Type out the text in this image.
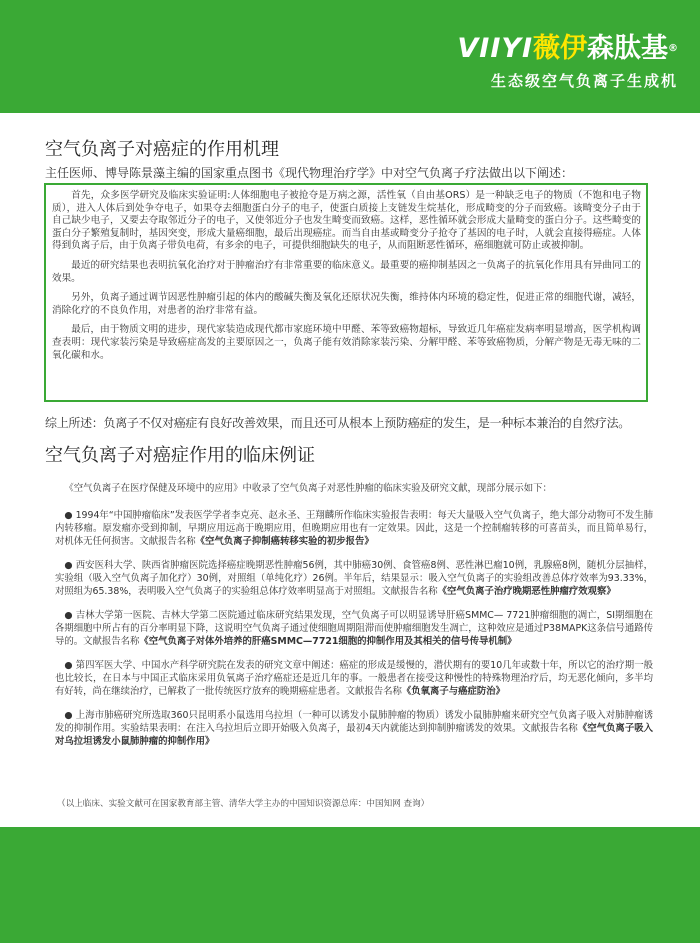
VIIYI薇伊森肽基®
生态级空气负离子生成机
空气负离子对癌症的作用机理
主任医师、博导陈景藻主编的国家重点图书《现代物理治疗学》中对空气负离子疗法做出以下阐述：

首先，众多医学研究及临床实验证明:人体细胞电子被抢夺是万病之源，活性氧（自由基ORS）是一种缺乏电子的物质（不饱和电子物质），进入人体后到处争夺电子，如果夺去细胞蛋白分子的电子，使蛋白质接上支链发生烷基化，形成畸变的分子而致癌。该畸变分子由于自己缺少电子，又要去夺取邻近分子的电子，又使邻近分子也发生畸变而致癌。这样，恶性循环就会形成大量畸变的蛋白分子。这些畸变的蛋白分子繁殖复制时，基因突变，形成大量癌细胞，最后出现癌症。而当自由基或畸变分子抢夺了基因的电子时，人就会直接得癌症。人体得到负离子后，由于负离子带负电荷，有多余的电子，可提供细胞缺失的电子，从而阻断恶性循环，癌细胞就可防止或被抑制。

最近的研究结果也表明抗氧化治疗对于肿瘤治疗有非常重要的临床意义。最重要的癌抑制基因之一负离子的抗氧化作用具有异曲同工的效果。

另外，负离子通过调节因恶性肿瘤引起的体内的酸碱失衡及氧化还原状况失衡，维持体内环境的稳定性，促进正常的细胞代谢，减轻，消除化疗的不良负作用，对患者的治疗非常有益。

最后，由于物质文明的进步，现代家装造成现代都市家庭环境中甲醛、苯等致癌物超标，导致近几年癌症发病率明显增高，医学机构调查表明：现代家装污染是导致癌症高发的主要原因之一，负离子能有效消除家装污染、分解甲醛、苯等致癌物质，分解产物是无毒无味的二氧化碳和水。

综上所述：负离子不仅对癌症有良好改善效果，而且还可从根本上预防癌症的发生，是一种标本兼治的自然疗法。
空气负离子对癌症作用的临床例证

《空气负离子在医疗保健及环境中的应用》中收录了空气负离子对恶性肿瘤的临床实验及研究文献，现部分展示如下：

● 1994年“中国肿瘤临床”发表医学学者李克亮、赵永圣、王翔麟所作临床实验报告表明：每天大量吸入空气负离子，绝大部分动物可不发生肺内转移瘤。原发瘤亦受到抑制，早期应用远高于晚期应用，但晚期应用也有一定效果。因此，这是一个控制瘤转移的可喜苗头，而且简单易行，对机体无任何损害。文献报告名称《空气负离子抑制癌转移实验的初步报告》

● 西安医科大学、陕西省肿瘤医院选择癌症晚期恶性肿瘤56例，其中肺癌30例、食管癌8例、恶性淋巴瘤10例，乳腺癌8例，随机分层抽样，实验组（吸入空气负离子加化疗）30例，对照组（单纯化疗）26例。半年后，结果显示：吸入空气负离子的实验组改善总体疗效率为93.33%，对照组为65.38%，表明吸入空气负离子的实验组总体疗效率明显高于对照组。文献报告名称《空气负离子治疗晚期恶性肿瘤疗效观察》

● 吉林大学第一医院、吉林大学第二医院通过临床研究结果发现，空气负离子可以明显诱导肝癌SMMC— 7721肿瘤细胞的凋亡，SI期细胞在各期细胞中所占有的百分率明显下降，这说明空气负离子通过使细胞周期阻滞而使肿瘤细胞发生凋亡，这种效应是通过P38MAPK这条信号通路传导的。文献报告名称《空气负离子对体外培养的肝癌SMMC—7721细胞的抑制作用及其相关的信号传导机制》

● 第四军医大学、中国水产科学研究院在发表的研究文章中阐述：癌症的形成是缓慢的，潜伏期有的要10几年或数十年，所以它的治疗期一般也比较长，在日本与中国正式临床采用负氧离子治疗癌症还是近几年的事。一般患者在接受这种慢性的特殊物理治疗后，均无恶化倾向，多半均有好转，尚在继续治疗，已解救了一批传统医疗放弃的晚期癌症患者。文献报告名称《负氧离子与癌症防治》

● 上海市肺癌研究所选取360只昆明系小鼠选用乌拉坦（一种可以诱发小鼠肺肿瘤的物质）诱发小鼠肺肿瘤来研究空气负离子吸入对肺肿瘤诱发的抑制作用。实验结果表明：在注入乌拉坦后立即开始吸入负离子，最初4天内就能达到抑制肿瘤诱发的效果。文献报告名称《空气负离子吸入对乌拉坦诱发小鼠肺肿瘤的抑制作用》

（以上临床、实验文献可在国家教育部主管、清华大学主办的中国知识资源总库：中国知网 查询）
